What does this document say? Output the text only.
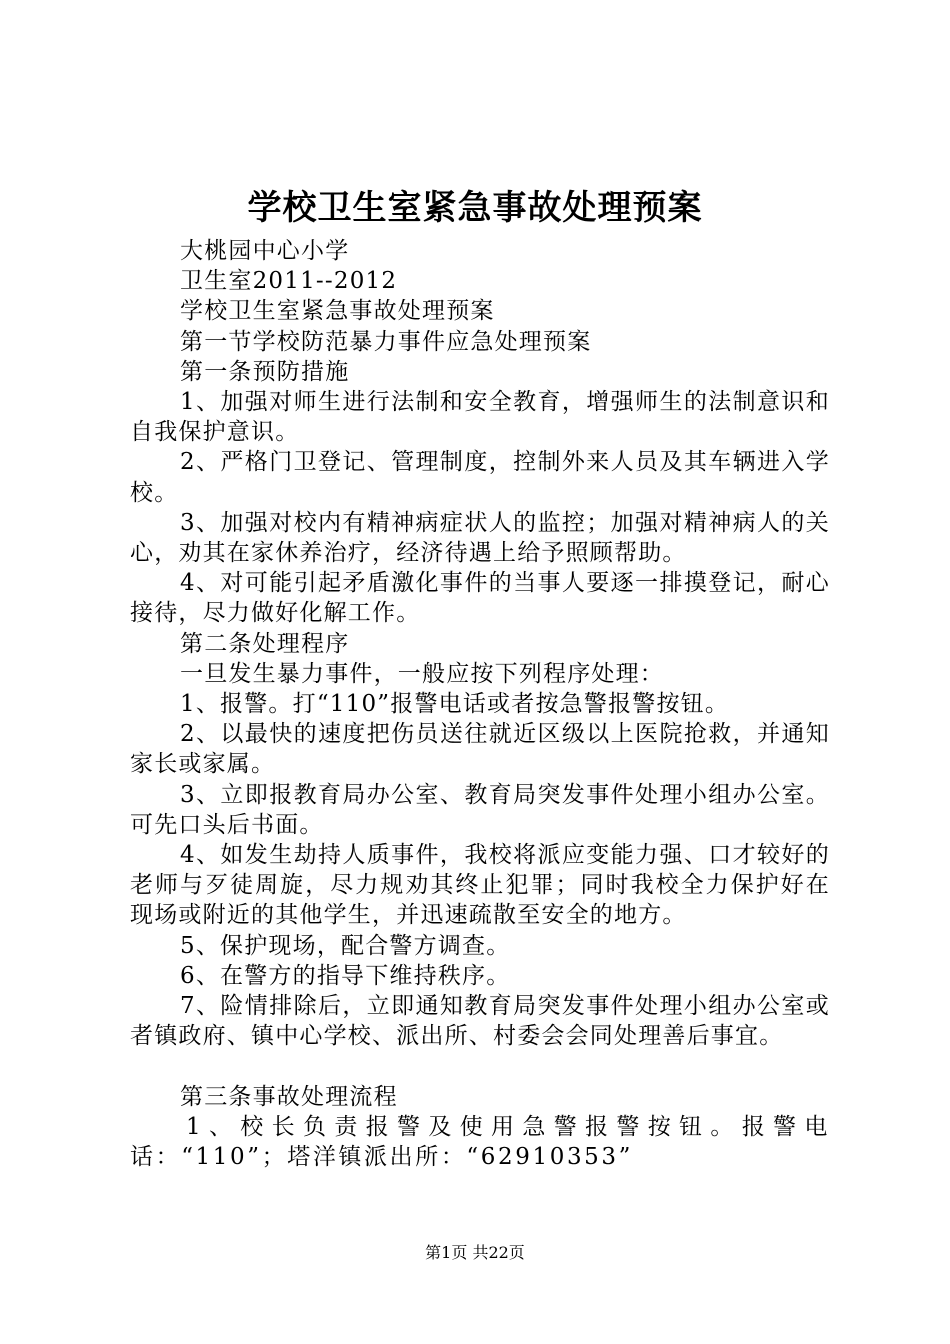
学校卫生室紧急事故处理预案

大桃园中心小学

卫生室2011--2012

学校卫生室紧急事故处理预案

第一节学校防范暴力事件应急处理预案

第一条预防措施

1、加强对师生进行法制和安全教育，增强师生的法制意识和自我保护意识。

2、严格门卫登记、管理制度，控制外来人员及其车辆进入学校。

3、加强对校内有精神病症状人的监控；加强对精神病人的关心，劝其在家休养治疗，经济待遇上给予照顾帮助。

4、对可能引起矛盾激化事件的当事人要逐一排摸登记，耐心接待，尽力做好化解工作。

第二条处理程序

一旦发生暴力事件，一般应按下列程序处理：

1、报警。打“110”报警电话或者按急警报警按钮。

2、以最快的速度把伤员送往就近区级以上医院抢救，并通知家长或家属。

3、立即报教育局办公室、教育局突发事件处理小组办公室。可先口头后书面。

4、如发生劫持人质事件，我校将派应变能力强、口才较好的老师与歹徒周旋，尽力规劝其终止犯罪；同时我校全力保护好在现场或附近的其他学生，并迅速疏散至安全的地方。

5、保护现场，配合警方调查。

6、在警方的指导下维持秩序。

7、险情排除后，立即通知教育局突发事件处理小组办公室或者镇政府、镇中心学校、派出所、村委会会同处理善后事宜。

第三条事故处理流程

1、校长负责报警及使用急警报警按钮。报警电话：“110”；塔洋镇派出所：“62910353”

第1页 共22页
